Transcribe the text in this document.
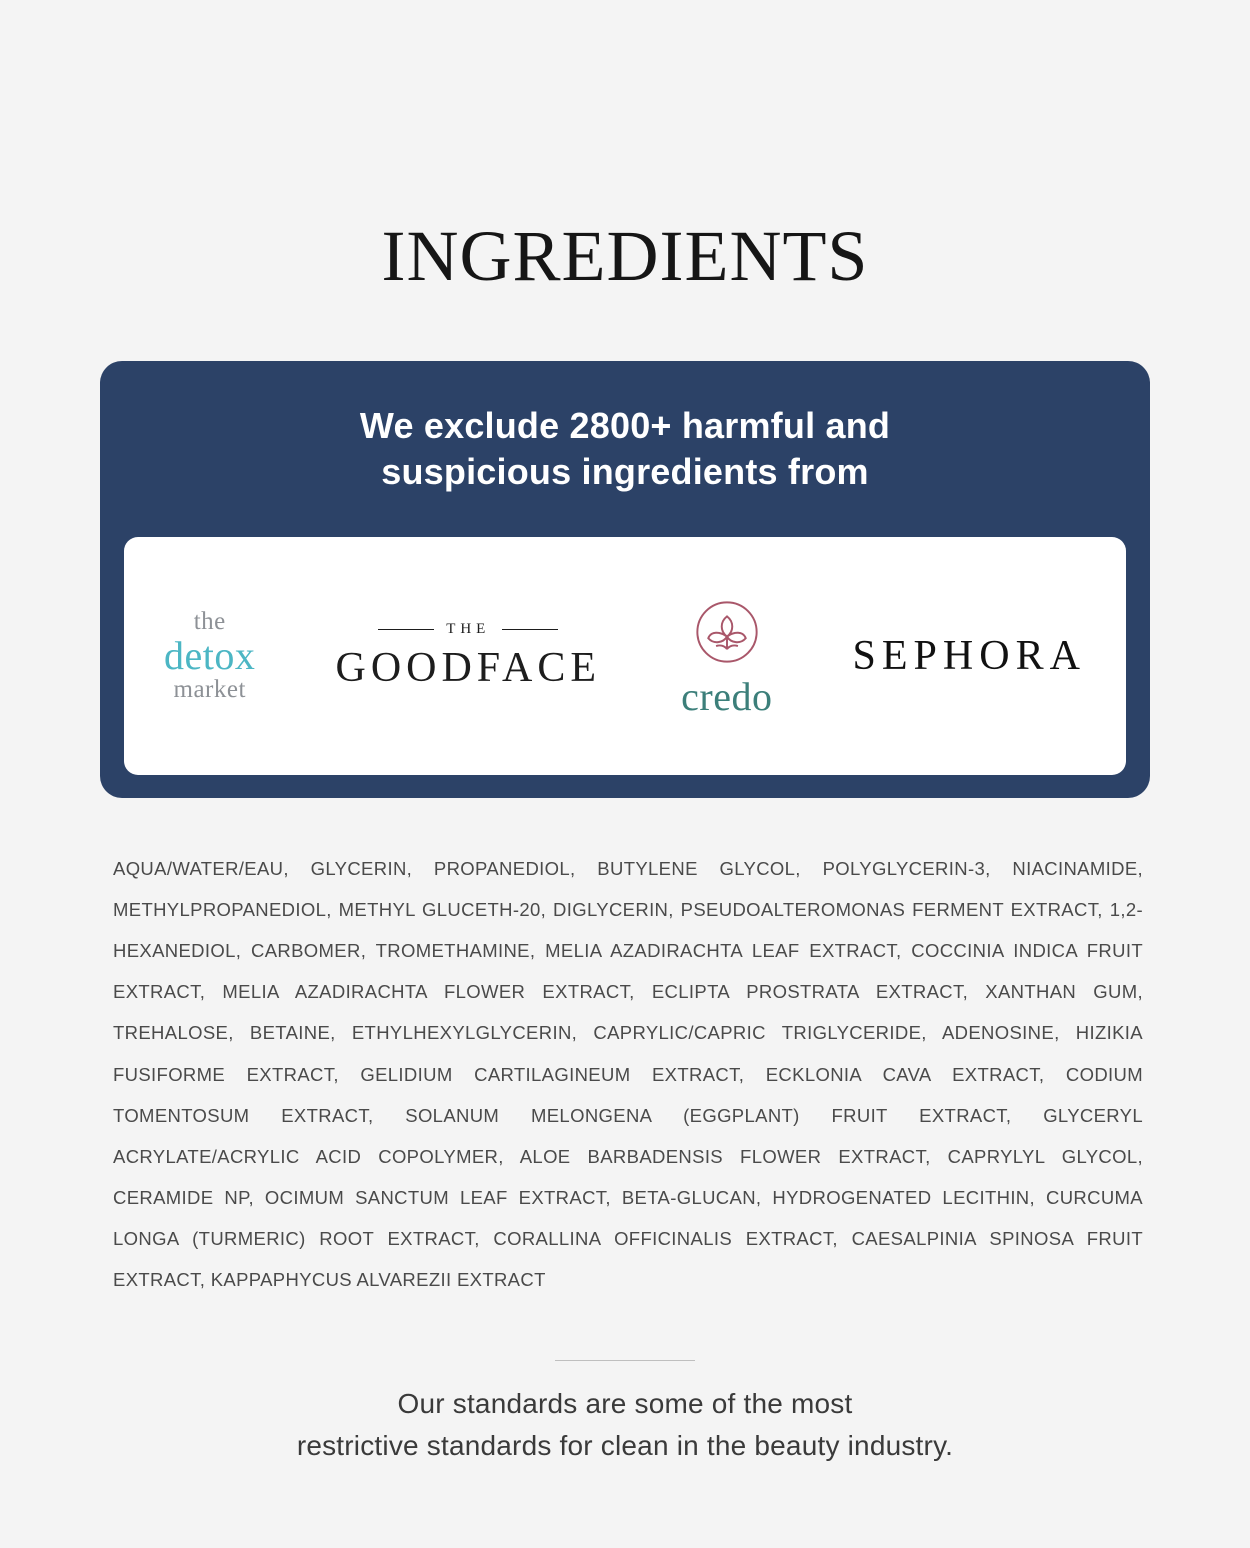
INGREDIENTS
We exclude 2800+ harmful and
suspicious ingredients from
the
detox
market
THE
GOODFACE
credo
SEPHORA
AQUA/WATER/EAU, GLYCERIN, PROPANEDIOL, BUTYLENE GLYCOL, POLYGLYCERIN-3, NIACINAMIDE, METHYLPROPANEDIOL, METHYL GLUCETH-20, DIGLYCERIN, PSEUDOALTEROMONAS FERMENT EXTRACT, 1,2-HEXANEDIOL, CARBOMER, TROMETHAMINE, MELIA AZADIRACHTA LEAF EXTRACT, COCCINIA INDICA FRUIT EXTRACT, MELIA AZADIRACHTA FLOWER EXTRACT, ECLIPTA PROSTRATA EXTRACT, XANTHAN GUM, TREHALOSE, BETAINE, ETHYLHEXYLGLYCERIN, CAPRYLIC/CAPRIC TRIGLYCERIDE, ADENOSINE, HIZIKIA FUSIFORME EXTRACT, GELIDIUM CARTILAGINEUM EXTRACT, ECKLONIA CAVA EXTRACT, CODIUM TOMENTOSUM EXTRACT, SOLANUM MELONGENA (EGGPLANT) FRUIT EXTRACT, GLYCERYL ACRYLATE/ACRYLIC ACID COPOLYMER, ALOE BARBADENSIS FLOWER EXTRACT, CAPRYLYL GLYCOL, CERAMIDE NP, OCIMUM SANCTUM LEAF EXTRACT, BETA-GLUCAN, HYDROGENATED LECITHIN, CURCUMA LONGA (TURMERIC) ROOT EXTRACT, CORALLINA OFFICINALIS EXTRACT, CAESALPINIA SPINOSA FRUIT EXTRACT, KAPPAPHYCUS ALVAREZII EXTRACT
Our standards are some of the most
restrictive standards for clean in the beauty industry.
